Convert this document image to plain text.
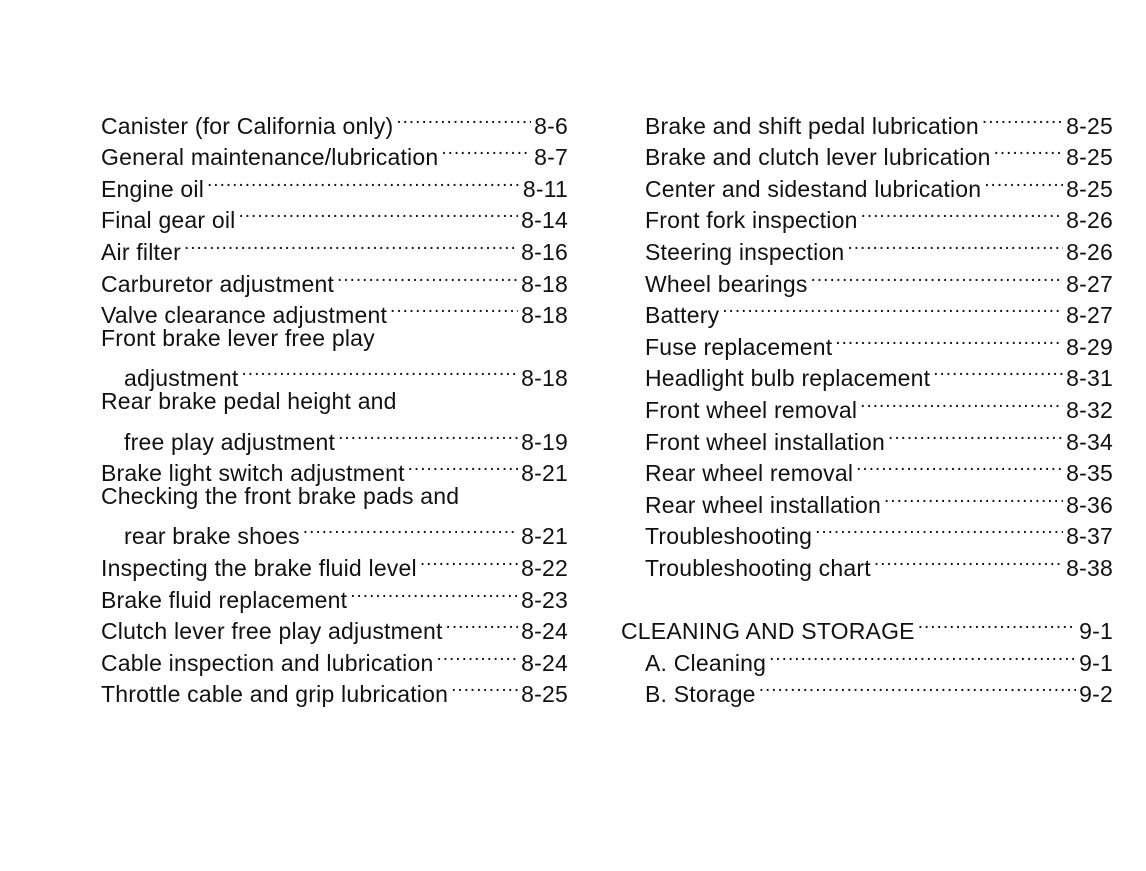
Canister (for California only) .....	8-6
General maintenance/lubrication .....	8-7
Engine oil .....	8-11
Final gear oil .....	8-14
Air filter .....	8-16
Carburetor adjustment .....	8-18
Valve clearance adjustment .....	8-18
Front brake lever free play
adjustment .....	8-18
Rear brake pedal height and
free play adjustment .....	8-19
Brake light switch adjustment .....	8-21
Checking the front brake pads and
rear brake shoes .....	8-21
Inspecting the brake fluid level .....	8-22
Brake fluid replacement .....	8-23
Clutch lever free play adjustment .....	8-24
Cable inspection and lubrication .....	8-24
Throttle cable and grip lubrication .....	8-25
Brake and shift pedal lubrication .....	8-25
Brake and clutch lever lubrication .....	8-25
Center and sidestand lubrication .....	8-25
Front fork inspection .....	8-26
Steering inspection .....	8-26
Wheel bearings .....	8-27
Battery .....	8-27
Fuse replacement .....	8-29
Headlight bulb replacement .....	8-31
Front wheel removal .....	8-32
Front wheel installation .....	8-34
Rear wheel removal .....	8-35
Rear wheel installation .....	8-36
Troubleshooting .....	8-37
Troubleshooting chart .....	8-38
CLEANING AND STORAGE .....	9-1
A. Cleaning .....	9-1
B. Storage .....	9-2
